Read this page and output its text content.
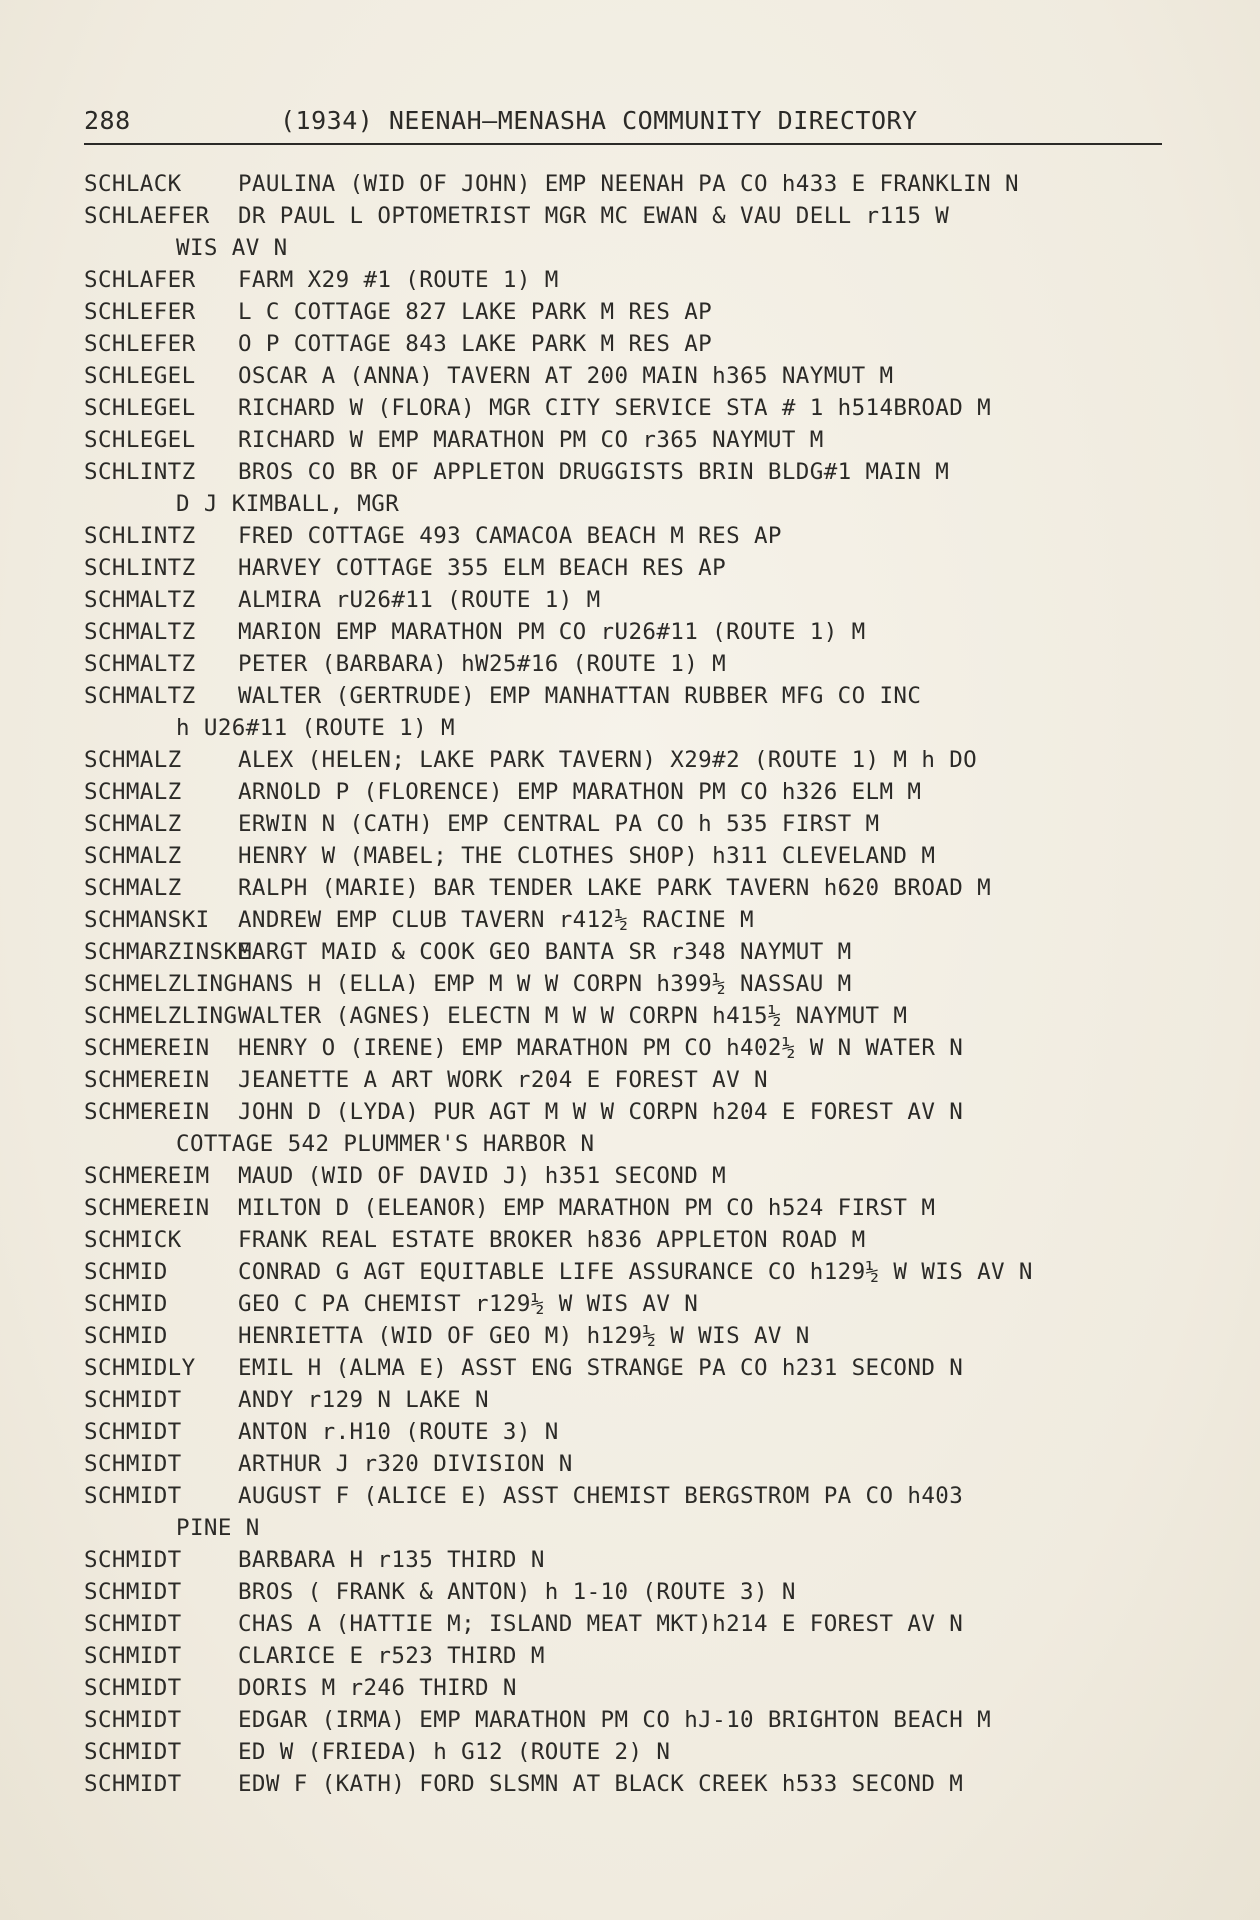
288	(1934) NEENAH—MENASHA COMMUNITY DIRECTORY
SCHLACK	PAULINA (WID OF JOHN) EMP NEENAH PA CO h433 E FRANKLIN N
SCHLAEFER DR PAUL L OPTOMETRIST MGR MC EWAN & VAU DELL r115 W
WIS AV N
SCHLAFER FARM X29 #1 (ROUTE 1) M
SCHLEFER L C COTTAGE 827 LAKE PARK M RES AP
SCHLEFER O P COTTAGE 843 LAKE PARK M RES AP
SCHLEGEL OSCAR A (ANNA) TAVERN AT 200 MAIN h365 NAYMUT M
SCHLEGEL RICHARD W (FLORA) MGR CITY SERVICE STA # 1 h514BROAD M
SCHLEGEL RICHARD W EMP MARATHON PM CO r365 NAYMUT M
SCHLINTZ BROS CO BR OF APPLETON DRUGGISTS BRIN BLDG#1 MAIN M
D J KIMBALL, MGR
SCHLINTZ FRED COTTAGE 493 CAMACOA BEACH M RES AP
SCHLINTZ HARVEY COTTAGE 355 ELM BEACH RES AP
SCHMALTZ ALMIRA rU26#11 (ROUTE 1) M
SCHMALTZ MARION EMP MARATHON PM CO rU26#11 (ROUTE 1) M
SCHMALTZ PETER (BARBARA) hW25#16 (ROUTE 1) M
SCHMALTZ WALTER (GERTRUDE) EMP MANHATTAN RUBBER MFG CO INC
h U26#11 (ROUTE 1) M
SCHMALZ	ALEX (HELEN; LAKE PARK TAVERN) X29#2 (ROUTE 1) M h DO
SCHMALZ	ARNOLD P (FLORENCE) EMP MARATHON PM CO h326 ELM M
SCHMALZ	ERWIN N (CATH) EMP CENTRAL PA CO h 535 FIRST M
SCHMALZ	HENRY W (MABEL; THE CLOTHES SHOP) h311 CLEVELAND M
SCHMALZ	RALPH (MARIE) BAR TENDER LAKE PARK TAVERN h620 BROAD M
SCHMANSKI ANDREW EMP CLUB TAVERN r412½ RACINE M
SCHMARZINSKE MARGT MAID & COOK GEO BANTA SR r348 NAYMUT M
SCHMELZLING HANS H (ELLA) EMP M W W CORPN h399½ NASSAU M
SCHMELZLING WALTER (AGNES) ELECTN M W W CORPN h415½ NAYMUT M
SCHMEREIN HENRY O (IRENE) EMP MARATHON PM CO h402½ W N WATER N
SCHMEREIN JEANETTE A ART WORK r204 E FOREST AV N
SCHMEREIN JOHN D (LYDA) PUR AGT M W W CORPN h204 E FOREST AV N
COTTAGE 542 PLUMMER'S HARBOR N
SCHMEREIM MAUD (WID OF DAVID J) h351 SECOND M
SCHMEREIN MILTON D (ELEANOR) EMP MARATHON PM CO h524 FIRST M
SCHMICK	FRANK REAL ESTATE BROKER h836 APPLETON ROAD M
SCHMID	CONRAD G AGT EQUITABLE LIFE ASSURANCE CO h129½ W WIS AV N
SCHMID	GEO C PA CHEMIST r129½ W WIS AV N
SCHMID	HENRIETTA (WID OF GEO M) h129½ W WIS AV N
SCHMIDLY EMIL H (ALMA E) ASST ENG STRANGE PA CO h231 SECOND N
SCHMIDT	ANDY r129 N LAKE N
SCHMIDT	ANTON r.H10 (ROUTE 3) N
SCHMIDT	ARTHUR J r320 DIVISION N
SCHMIDT	AUGUST F (ALICE E) ASST CHEMIST BERGSTROM PA CO h403
PINE N
SCHMIDT	BARBARA H r135 THIRD N
SCHMIDT	BROS ( FRANK & ANTON) h 1-10 (ROUTE 3) N
SCHMIDT	CHAS A (HATTIE M; ISLAND MEAT MKT)h214 E FOREST AV N
SCHMIDT	CLARICE E r523 THIRD M
SCHMIDT	DORIS M r246 THIRD N
SCHMIDT	EDGAR (IRMA) EMP MARATHON PM CO hJ-10 BRIGHTON BEACH M
SCHMIDT	ED W (FRIEDA) h G12 (ROUTE 2) N
SCHMIDT	EDW F (KATH) FORD SLSMN AT BLACK CREEK h533 SECOND M
